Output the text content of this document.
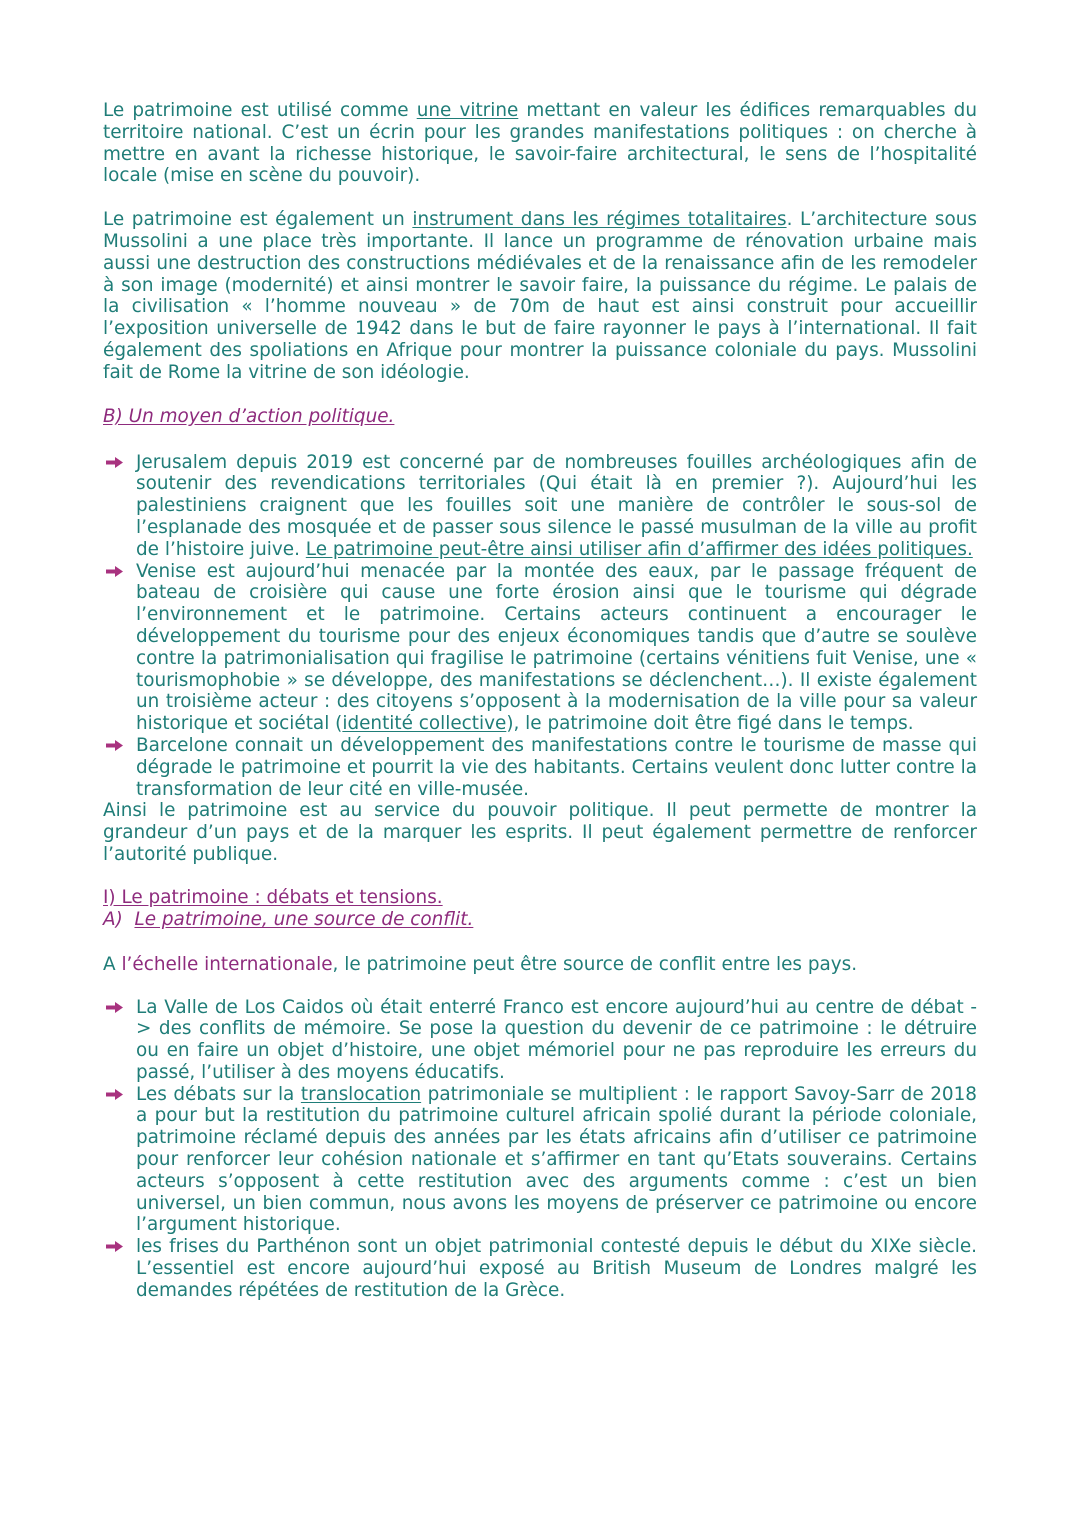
Le patrimoine est utilisé comme une vitrine mettant en valeur les édifices remarquables du territoire national. C’est un écrin pour les grandes manifestations politiques : on cherche à mettre en avant la richesse historique, le savoir-faire architectural, le sens de l’hospitalité locale (mise en scène du pouvoir).

Le patrimoine est également un instrument dans les régimes totalitaires. L’architecture sous Mussolini a une place très importante. Il lance un programme de rénovation urbaine mais aussi une destruction des constructions médiévales et de la renaissance afin de les remodeler à son image (modernité) et ainsi montrer le savoir faire, la puissance du régime. Le palais de la civilisation « l’homme nouveau » de 70m de haut est ainsi construit pour accueillir l’exposition universelle de 1942 dans le but de faire rayonner le pays à l’international. Il fait également des spoliations en Afrique pour montrer la puissance coloniale du pays. Mussolini fait de Rome la vitrine de son idéologie.

B) Un moyen d’action politique.
Jerusalem depuis 2019 est concerné par de nombreuses fouilles archéologiques afin de soutenir des revendications territoriales (Qui était là en premier ?). Aujourd’hui les palestiniens craignent que les fouilles soit une manière de contrôler le sous-sol de l’esplanade des mosquée et de passer sous silence le passé musulman de la ville au profit de l’histoire juive. Le patrimoine peut-être ainsi utiliser afin d’affirmer des idées politiques.
Venise est aujourd’hui menacée par la montée des eaux, par le passage fréquent de bateau de croisière qui cause une forte érosion ainsi que le tourisme qui dégrade l’environnement et le patrimoine. Certains acteurs continuent a encourager le développement du tourisme pour des enjeux économiques tandis que d’autre se soulève contre la patrimonialisation qui fragilise le patrimoine (certains vénitiens fuit Venise, une « tourismophobie » se développe, des manifestations se déclenchent…). Il existe également un troisième acteur : des citoyens s’opposent à la modernisation de la ville pour sa valeur historique et sociétal (identité collective), le patrimoine doit être figé dans le temps.
Barcelone connait un développement des manifestations contre le tourisme de masse qui dégrade le patrimoine et pourrit la vie des habitants. Certains veulent donc lutter contre la transformation de leur cité en ville-musée.

Ainsi le patrimoine est au service du pouvoir politique. Il peut permette de montrer la grandeur d’un pays et de la marquer les esprits. Il peut également permettre de renforcer l’autorité publique.

I) Le patrimoine : débats et tensions.
A) Le patrimoine, une source de conflit.

A l’échelle internationale, le patrimoine peut être source de conflit entre les pays.

La Valle de Los Caidos où était enterré Franco est encore aujourd’hui au centre de débat -> des conflits de mémoire. Se pose la question du devenir de ce patrimoine : le détruire ou en faire un objet d’histoire, une objet mémoriel pour ne pas reproduire les erreurs du passé, l’utiliser à des moyens éducatifs.
Les débats sur la translocation patrimoniale se multiplient : le rapport Savoy-Sarr de 2018 a pour but la restitution du patrimoine culturel africain spolié durant la période coloniale, patrimoine réclamé depuis des années par les états africains afin d’utiliser ce patrimoine pour renforcer leur cohésion nationale et s’affirmer en tant qu’Etats souverains. Certains acteurs s’opposent à cette restitution avec des arguments comme : c’est un bien universel, un bien commun, nous avons les moyens de préserver ce patrimoine ou encore l’argument historique.
les frises du Parthénon sont un objet patrimonial contesté depuis le début du XIXe siècle. L’essentiel est encore aujourd’hui exposé au British Museum de Londres malgré les demandes répétées de restitution de la Grèce.
